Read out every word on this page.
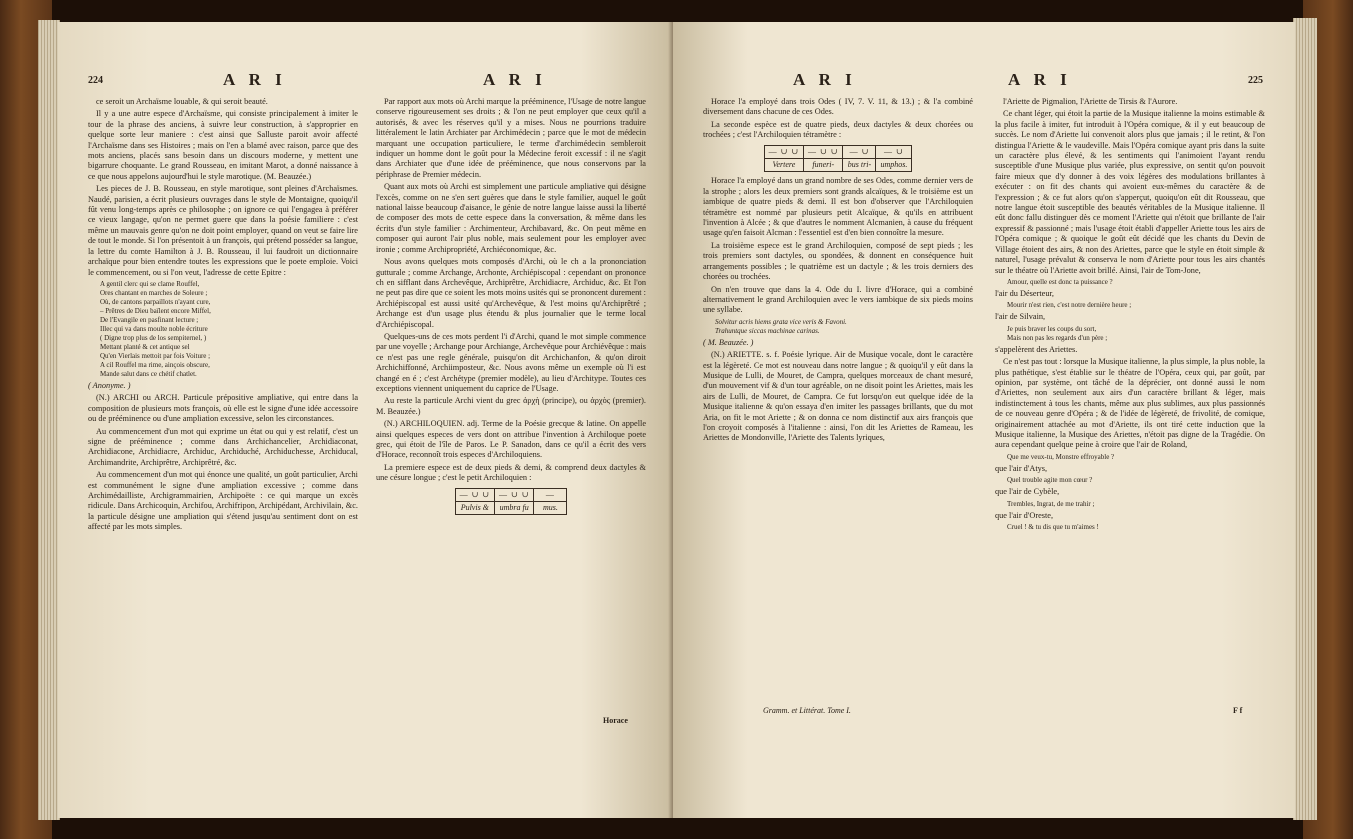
224	A R I	A R I

ce seroit un Archaïsme louable, & qui seroit beauté.

Il y a une autre espece d'Archaïsme, qui consiste principalement à imiter le tour de la phrase des anciens, à suivre leur construction, à s'approprier en quelque sorte leur maniere : c'est ainsi que Salluste paroit avoir affecté l'Archaïsme dans ses Histoires ; mais on l'en a blamé avec raison, parce que des mots anciens, placés sans besoin dans un discours moderne, y mettent une bigarrure choquante. Le grand Rousseau, en imitant Marot, a donné naissance à ce que nous appelons aujourd'hui le style marotique. (M. Beauzée.)

Les pieces de J. B. Rousseau, en style marotique, sont pleines d'Archaïsmes. Naudé, parisien, a écrit plusieurs ouvrages dans le style de Montaigne, quoiqu'il fût venu long-temps après ce philosophe ; on ignore ce qui l'engagea à préférer ce vieux langage, qu'on ne permet guere que dans la poésie familiere : c'est même un mauvais genre qu'on ne doit point employer, quand on veut se faire lire de tout le monde. Si l'on présentoit à un françois, qui prétend posséder sa langue, la lettre du comte Hamilton à J. B. Rousseau, il lui faudroit un dictionnaire archaïque pour bien entendre toutes les expressions que le poete emploie. Voici le commencement, ou si l'on veut, l'adresse de cette Epitre :

A gentil clerc qui se clame Rouffel,
Ores chantant en marches de Soleure ;
Où, de cantons parpaillots n'ayant cure,
– Prêtres de Dieu baïlent encore Miffel,
De l'Evangile en pasfinant lecture ;
Illec qui va dans moulte noble écriture
( Digne trop plus de los sempiternel, )
Mettant planté & cet antique sel
Qu'en Vierlais mettoit par fois Voiture ;
A cil Rouffel ma rime, ainçois obscure,
Mande salut dans ce chétif chatlet.

( Anonyme. )

(N.) ARCHI ou ARCH. Particule prépositive ampliative, qui entre dans la composition de plusieurs mots françois, où elle est le signe d'une idée accessoire ou de prééminence ou d'une ampliation excessive, selon les circonstances.

Au commencement d'un mot qui exprime un état ou qui y est relatif, c'est un signe de prééminence ; comme dans Archichancelier, Archidiaconat, Archidiacone, Archidiacre, Archiduc, Archiduché, Archiduchesse, Archiducal, Archimandrite, Archiprêtre, Archiprêtré, &c.

Au commencement d'un mot qui énonce une qualité, un goût particulier, Archi est communément le signe d'une ampliation excessive ; comme dans Archimédailliste, Archigrammairien, Archipoëte : ce qui marque un excès ridicule. Dans Archicoquin, Archifou, Archifripon, Archipédant, Archivilain, &c. la particule désigne une ampliation qui s'étend jusqu'au sentiment dont on est affecté par les mots simples.

Par rapport aux mots où Archi marque la prééminence, l'Usage de notre langue conserve rigoureusement ses droits ; & l'on ne peut employer que ceux qu'il a autorisés, & avec les réserves qu'il y a mises. Nous ne pourrions traduire littéralement le latin Archiater par Archimédecin ; parce que le mot de médecin marquant une occupation particuliere, le terme d'archimédecin sembleroit indiquer un homme dont le goût pour la Médecine feroit excessif : il ne s'agit dans Archiater que d'une idée de prééminence, que nous conservons par la périphrase de Premier médecin.

Quant aux mots où Archi est simplement une particule ampliative qui désigne l'excès, comme on ne s'en sert guères que dans le style familier, auquel le goût national laisse beaucoup d'aisance, le génie de notre langue laisse aussi la liberté de composer des mots de cette espece dans la conversation, & même dans les écrits d'un style familier : Archimenteur, Archibavard, &c. On peut même en composer qui auront l'air plus noble, mais seulement pour les employer avec ironie ; comme Archipropriété, Archiéconomique, &c.

Nous avons quelques mots composés d'Archi, où le ch a la prononciation gutturale ; comme Archange, Archonte, Archiépiscopal : cependant on prononce ch en sifflant dans Archevêque, Archiprêtre, Archidiacre, Archiduc, &c. Et l'on ne peut pas dire que ce soient les mots moins usités qui se prononcent durement : Archiépiscopal est aussi usité qu'Archevêque, & l'est moins qu'Archiprêtré ; Archange est d'un usage plus étendu & plus journalier que le terme local d'Archiépiscopal.

Quelques-uns de ces mots perdent l'i d'Archi, quand le mot simple commence par une voyelle ; Archange pour Archiange, Archevêque pour Archiévêque : mais ce n'est pas une regle générale, puisqu'on dit Archichanfon, & qu'on diroit Archichiffonné, Archiimposteur, &c. Nous avons même un exemple où l'i est changé en é ; c'est Archétype (premier modèle), au lieu d'Architype. Toutes ces exceptions viennent uniquement du caprice de l'Usage.

Au reste la particule Archi vient du grec ἀρχὴ (principe), ou ἀρχὸς (premier). M. Beauzée.)

(N.) ARCHILOQUIEN. adj. Terme de la Poésie grecque & latine. On appelle ainsi quelques especes de vers dont on attribue l'invention à Archiloque poete grec, qui étoit de l'île de Paros. Le P. Sanadon, dans ce qu'il a écrit des vers d'Horace, reconnoît trois especes d'Archiloquiens.

La premiere espece est de deux pieds & demi, & comprend deux dactyles & une césure longue ; c'est le petit Archiloquien :

— ∪ ∪	— ∪ ∪	—
Pulvis &	umbra fu	mus.
Horace
A R I	A R I	225

Horace l'a employé dans trois Odes ( IV, 7. V. 11, & 13.) ; & l'a combiné diversement dans chacune de ces Odes.

La seconde espèce est de quatre pieds, deux dactyles & deux chorées ou trochées ; c'est l'Archiloquien tétramètre :

— ∪ ∪	— ∪ ∪	— ∪	— ∪
Vertere	funeri-	bus tri-	umphos.

Horace l'a employé dans un grand nombre de ses Odes, comme dernier vers de la strophe ; alors les deux premiers sont grands alcaïques, & le troisième est un iambique de quatre pieds & demi. Il est bon d'observer que l'Archiloquien tétramètre est nommé par plusieurs petit Alcaïque, & qu'ils en attribuent l'invention à Alcée ; & que d'autres le nomment Alcmanien, à cause du fréquent usage qu'en faisoit Alcman : l'essentiel est d'en bien connoître la mesure.

La troisième espece est le grand Archiloquien, composé de sept pieds ; les trois premiers sont dactyles, ou spondées, & donnent en conséquence huit arrangements possibles ; le quatrième est un dactyle ; & les trois derniers des chorées ou trochées.

On n'en trouve que dans la 4. Ode du I. livre d'Horace, qui a combiné alternativement le grand Archiloquien avec le vers iambique de six pieds moins une syllabe.

Solvitur acris hiems grata vice veris & Favoni.
Trahuntque siccas machinae carinas.

( M. Beauzée. )

(N.) ARIETTE. s. f. Poésie lyrique. Air de Musique vocale, dont le caractère est la légèreté. Ce mot est nouveau dans notre langue ; & quoiqu'il y eût dans la Musique de Lulli, de Mouret, de Campra, quelques morceaux de chant mesuré, d'un mouvement vif & d'un tour agréable, on ne disoit point les Ariettes, mais les airs de Lulli, de Mouret, de Campra. Ce fut lorsqu'on eut quelque idée de la Musique italienne & qu'on essaya d'en imiter les passages brillants, que du mot Aria, on fit le mot Ariette ; & on donna ce nom distinctif aux airs françois que l'on croyoit composés à l'italienne : ainsi, l'on dit les Ariettes de Rameau, les Ariettes de Mondonville, l'Ariette des Talents lyriques,

l'Ariette de Pigmalion, l'Ariette de Tirsis & l'Aurore.

Ce chant léger, qui étoit la partie de la Musique italienne la moins estimable & la plus facile à imiter, fut introduit à l'Opéra comique, & il y eut beaucoup de succès. Le nom d'Ariette lui convenoit alors plus que jamais ; il le retint, & l'on distingua l'Ariette & le vaudeville. Mais l'Opéra comique ayant pris dans la suite un caractère plus élevé, & les sentiments qui l'animoient l'ayant rendu susceptible d'une Musique plus variée, plus expressive, on sentit qu'on pouvoit faire mieux que d'y donner à des voix légères des modulations brillantes à exécuter : on fit des chants qui avoient eux-mêmes du caractère & de l'expression ; & ce fut alors qu'on s'apperçut, quoiqu'on eût dit Rousseau, que notre langue étoit susceptible des beautés véritables de la Musique italienne. Il eût donc fallu distinguer dès ce moment l'Ariette qui n'étoit que brillante de l'air expressif & passionné ; mais l'usage étoit établi d'appeller Ariette tous les airs de l'Opéra comique ; & quoique le goût eût décidé que les chants du Devin de Village étoient des airs, & non des Ariettes, parce que le style en étoit simple & naturel, l'usage prévalut & conserva le nom d'Ariette pour tous les airs chantés sur le théatre où l'Ariette avoit brillé. Ainsi, l'air de Tom-Jone,

Amour, quelle est donc ta puissance ?

l'air du Déserteur,

Mourir n'est rien, c'est notre dernière heure ;

l'air de Silvain,

Je puis braver les coups du sort,
Mais non pas les regards d'un père ;

s'appelèrent des Ariettes.

Ce n'est pas tout : lorsque la Musique italienne, la plus simple, la plus noble, la plus pathétique, s'est établie sur le théatre de l'Opéra, ceux qui, par goût, par opinion, par système, ont tâché de la déprécier, ont donné aussi le nom d'Ariettes, non seulement aux airs d'un caractère brillant & léger, mais indistinctement à tous les chants, même aux plus sublimes, aux plus passionnés de ce nouveau genre d'Opéra ; & de l'idée de légèreté, de frivolité, de comique, originairement attachée au mot d'Ariette, ils ont tiré cette induction que la Musique italienne, la Musique des Ariettes, n'étoit pas digne de la Tragédie. On aura cependant quelque peine à croire que l'air de Roland,

Que me veux-tu, Monstre effroyable ?

que l'air d'Atys,

Quel trouble agite mon cœur ?

que l'air de Cybèle,

Trembles, Ingrat, de me trahir ;

que l'air d'Oreste,

Cruel ! & tu dis que tu m'aimes !
Gramm. et Littérat. Tome I.	F f
